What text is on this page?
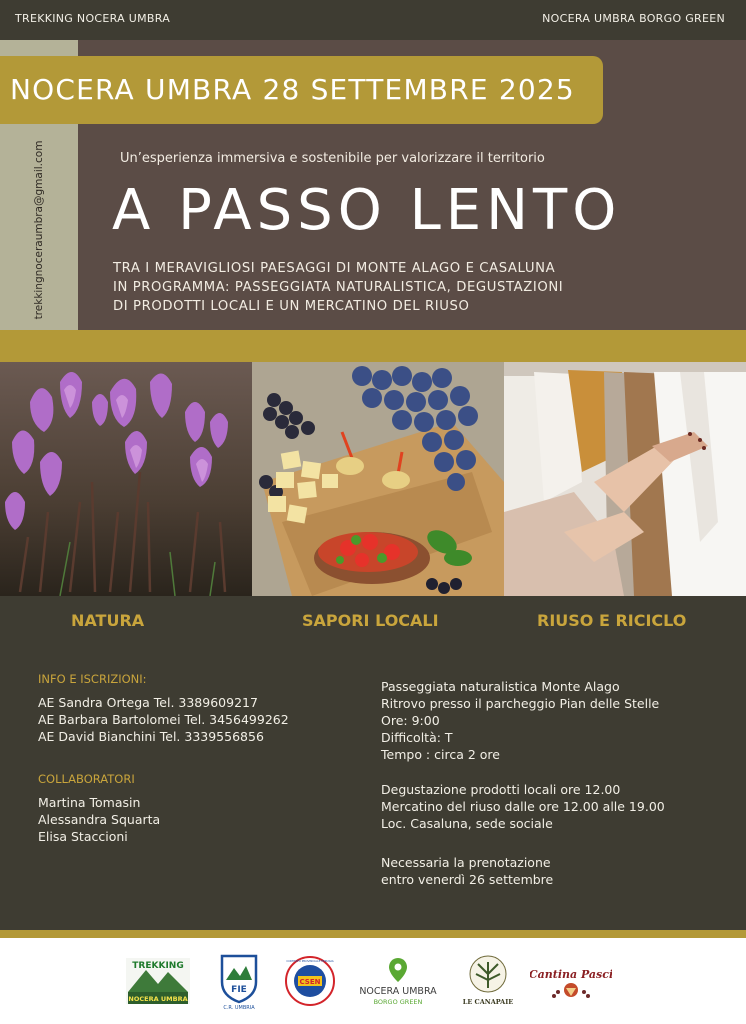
TREKKING NOCERA UMBRA	NOCERA UMBRA BORGO GREEN
trekkingnoceraumbra@gmail.com
NOCERA UMBRA 28 SETTEMBRE 2025
Un’esperienza immersiva e sostenibile per valorizzare il territorio
A PASSO LENTO
TRA I MERAVIGLIOSI PAESAGGI DI MONTE ALAGO E CASALUNA
IN PROGRAMMA: PASSEGGIATA NATURALISTICA, DEGUSTAZIONI
DI PRODOTTI LOCALI E UN MERCATINO DEL RIUSO
NATURA	SAPORI LOCALI	RIUSO E RICICLO
INFO E ISCRIZIONI:
AE Sandra Ortega Tel. 3389609217
AE Barbara Bartolomei Tel. 3456499262
AE David Bianchini Tel. 3339556856
COLLABORATORI
Martina Tomasin
Alessandra Squarta
Elisa Staccioni
Passeggiata naturalistica Monte Alago
Ritrovo presso il parcheggio Pian delle Stelle
Ore: 9:00
Difficoltà: T
Tempo : circa 2 ore
Degustazione prodotti locali ore 12.00
Mercatino del riuso dalle ore 12.00 alle 19.00
Loc. Casaluna, sede sociale
Necessaria la prenotazione
entro venerdì 26 settembre
TREKKING
NOCERA UMBRA
FIE
C.R. UMBRIA
CSEN
COMITATO PROVINCIALE PERUGIA
NOCERA UMBRA
BORGO GREEN	LE CANAPAIE
Cantina Pasci
